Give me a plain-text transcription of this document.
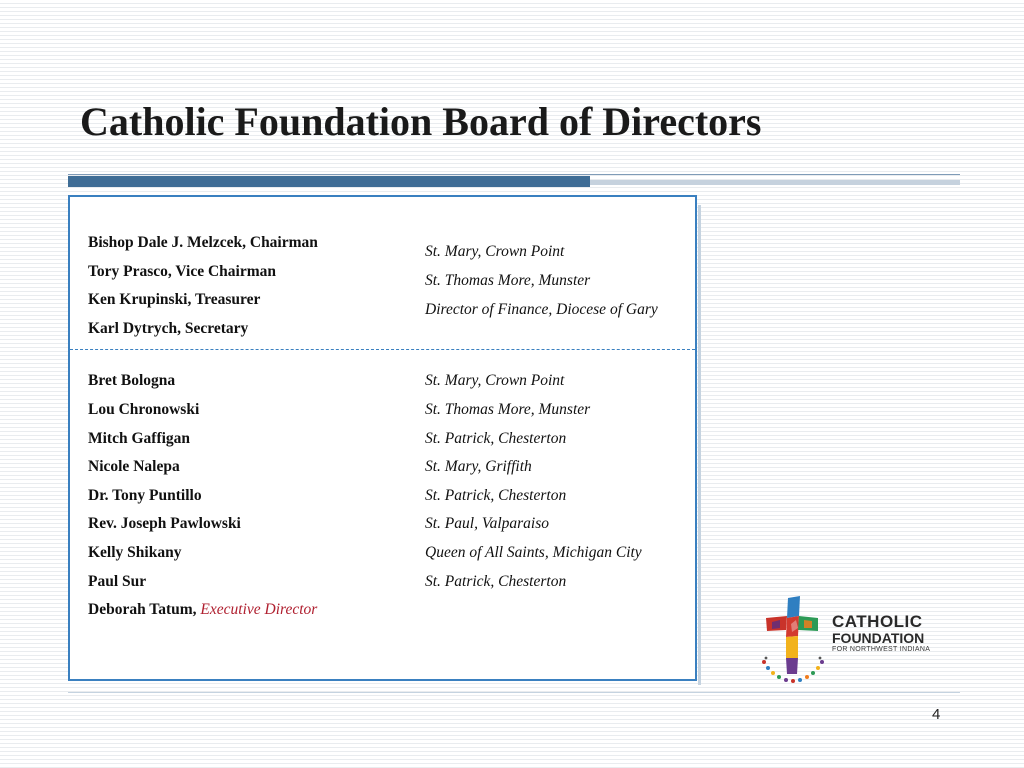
Catholic Foundation Board of Directors
Bishop Dale J. Melzcek, Chairman
Tory Prasco, Vice Chairman
Ken Krupinski, Treasurer
Karl Dytrych, Secretary
St. Mary, Crown Point
St. Thomas More, Munster
Director of Finance, Diocese of Gary
Bret Bologna
Lou Chronowski
Mitch Gaffigan
Nicole Nalepa
Dr. Tony Puntillo
Rev. Joseph Pawlowski
Kelly Shikany
Paul Sur
Deborah Tatum, Executive Director
St. Mary, Crown Point
St. Thomas More, Munster
St. Patrick, Chesterton
St. Mary, Griffith
St. Patrick, Chesterton
St. Paul, Valparaiso
Queen of All Saints, Michigan City
St. Patrick, Chesterton
CATHOLIC
FOUNDATION
FOR NORTHWEST INDIANA
4
